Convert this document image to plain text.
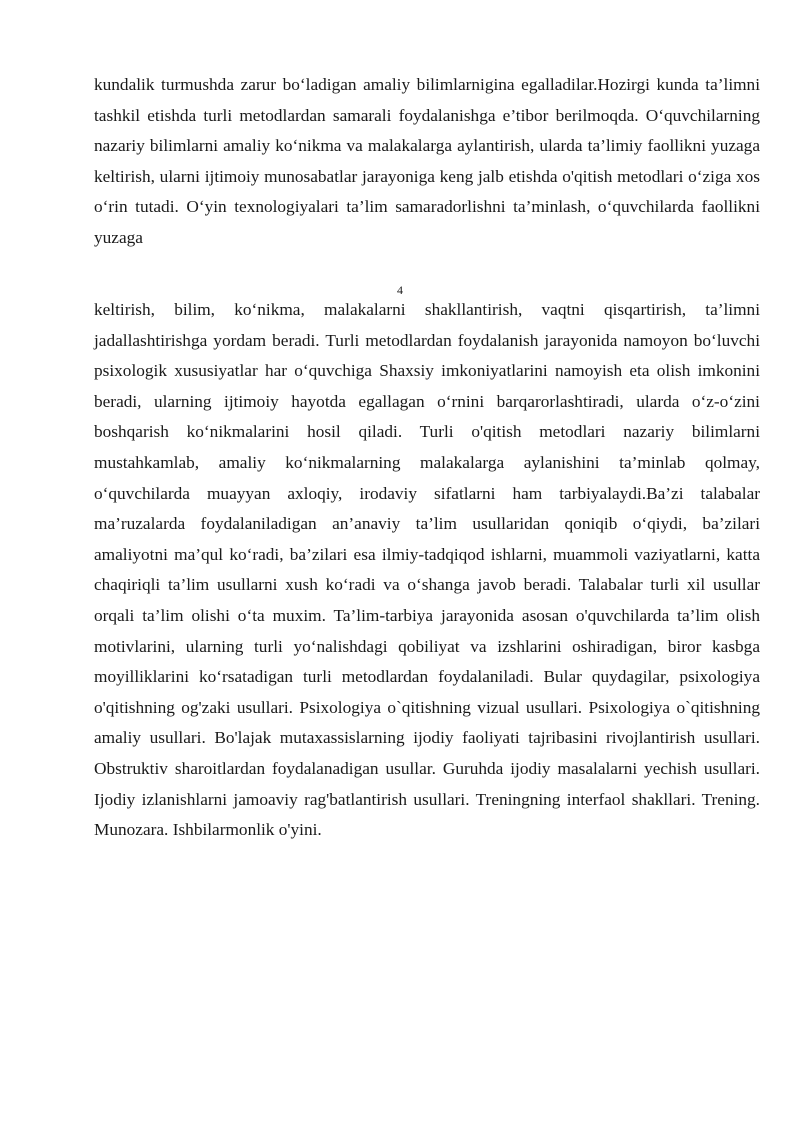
kundalik turmushda zarur bo‘ladigan amaliy bilimlarnigina egalladilar.Hozirgi kunda ta’limni tashkil etishda turli metodlardan samarali foydalanishga e’tibor berilmoqda. O‘quvchilarning nazariy bilimlarni amaliy ko‘nikma va malakalarga aylantirish, ularda ta’limiy faollikni yuzaga keltirish, ularni ijtimoiy munosabatlar jarayoniga keng jalb etishda o'qitish metodlari o‘ziga xos o‘rin tutadi. O‘yin texnologiyalari ta’lim samaradorlishni ta’minlash, o‘quvchilarda faollikni yuzaga

4

keltirish, bilim, ko‘nikma, malakalarni shakllantirish, vaqtni qisqartirish, ta’limni jadallashtirishga yordam beradi. Turli metodlardan foydalanish jarayonida namoyon bo‘luvchi psixologik xususiyatlar har o‘quvchiga Shaxsiy imkoniyatlarini namoyish eta olish imkonini beradi, ularning ijtimoiy hayotda egallagan o‘rnini barqarorlashtiradi, ularda o‘z-o‘zini boshqarish ko‘nikmalarini hosil qiladi. Turli o'qitish metodlari nazariy bilimlarni mustahkamlab, amaliy ko‘nikmalarning malakalarga aylanishini ta’minlab qolmay, o‘quvchilarda muayyan axloqiy, irodaviy sifatlarni ham tarbiyalaydi.Ba’zi talabalar ma’ruzalarda foydalaniladigan an’anaviy ta’lim usullaridan qoniqib o‘qiydi, ba’zilari amaliyotni ma’qul ko‘radi, ba’zilari esa ilmiy-tadqiqod ishlarni, muammoli vaziyatlarni, katta chaqiriqli ta’lim usullarni xush ko‘radi va o‘shanga javob beradi. Talabalar turli xil usullar orqali ta’lim olishi o‘ta muxim. Ta’lim-tarbiya jarayonida asosan o'quvchilarda ta’lim olish motivlarini, ularning turli yo‘nalishdagi qobiliyat va izshlarini oshiradigan, biror kasbga moyilliklarini ko‘rsatadigan turli metodlardan foydalaniladi. Bular quydagilar, psixologiya o'qitishning og'zaki usullari. Psixologiya o`qitishning vizual usullari. Psixologiya o`qitishning amaliy usullari. Bo'lajak mutaxassislarning ijodiy faoliyati tajribasini rivojlantirish usullari. Obstruktiv sharoitlardan foydalanadigan usullar. Guruhda ijodiy masalalarni yechish usullari. Ijodiy izlanishlarni jamoaviy rag'batlantirish usullari. Treningning interfaol shakllari. Trening. Munozara. Ishbilarmonlik o'yini.
